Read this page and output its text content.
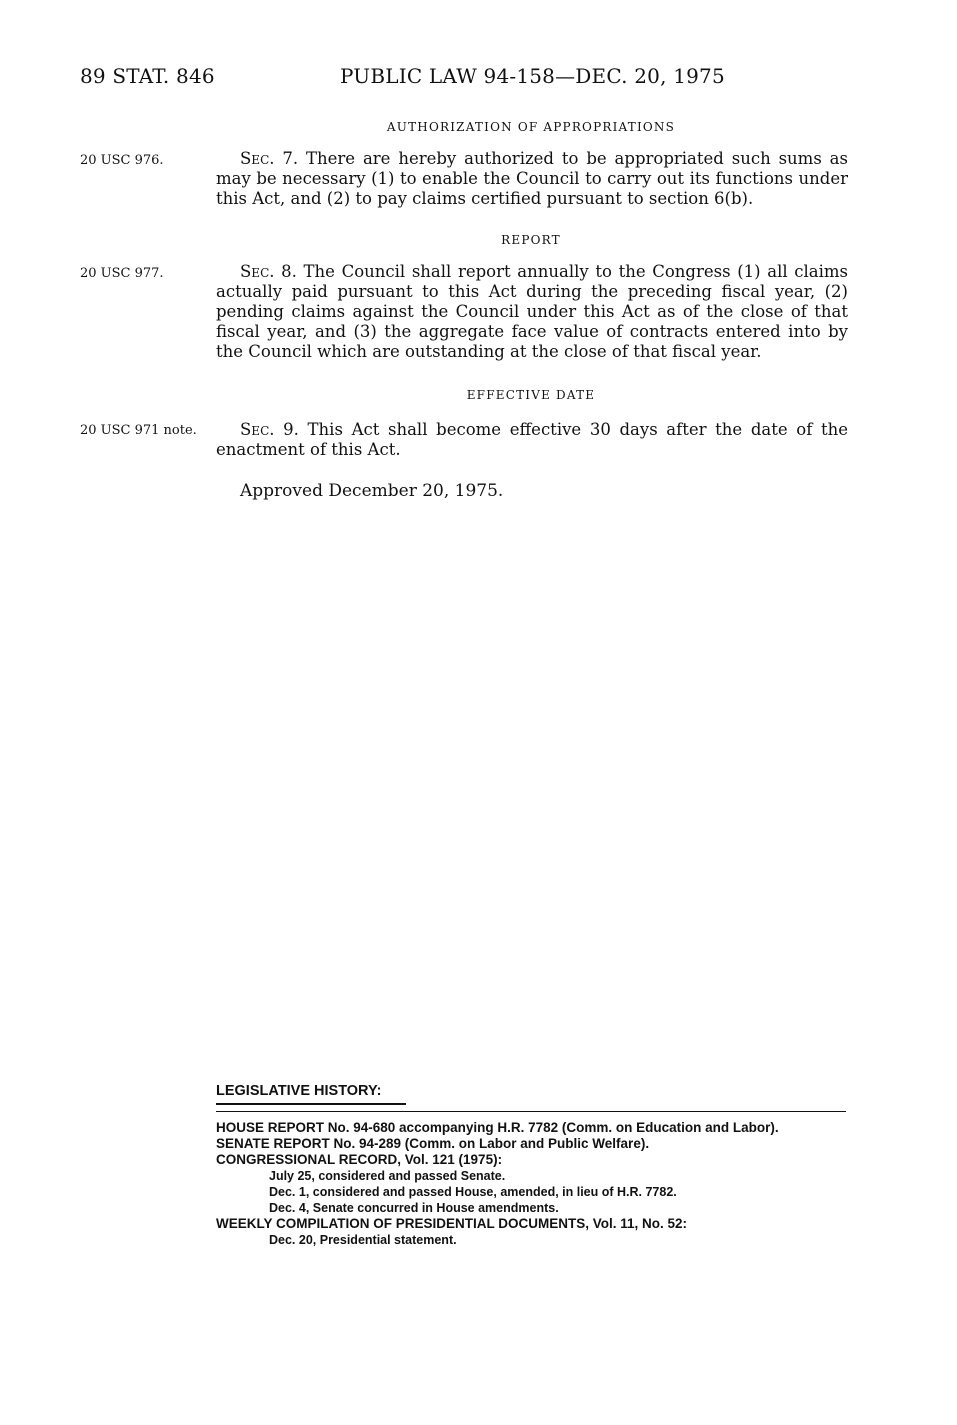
89 STAT. 846	PUBLIC LAW 94-158—DEC. 20, 1975
AUTHORIZATION OF APPROPRIATIONS
20 USC 976.	Sec. 7. There are hereby authorized to be appropriated such sums as may be necessary (1) to enable the Council to carry out its functions under this Act, and (2) to pay claims certified pursuant to section 6(b).
REPORT
20 USC 977.	Sec. 8. The Council shall report annually to the Congress (1) all claims actually paid pursuant to this Act during the preceding fiscal year, (2) pending claims against the Council under this Act as of the close of that fiscal year, and (3) the aggregate face value of contracts entered into by the Council which are outstanding at the close of that fiscal year.
EFFECTIVE DATE
20 USC 971 note.	Sec. 9. This Act shall become effective 30 days after the date of the enactment of this Act.
Approved December 20, 1975.
LEGISLATIVE HISTORY:
HOUSE REPORT No. 94-680 accompanying H.R. 7782 (Comm. on Education and Labor).
SENATE REPORT No. 94-289 (Comm. on Labor and Public Welfare).
CONGRESSIONAL RECORD, Vol. 121 (1975):
July 25, considered and passed Senate.
Dec. 1, considered and passed House, amended, in lieu of H.R. 7782.
Dec. 4, Senate concurred in House amendments.
WEEKLY COMPILATION OF PRESIDENTIAL DOCUMENTS, Vol. 11, No. 52:
Dec. 20, Presidential statement.
